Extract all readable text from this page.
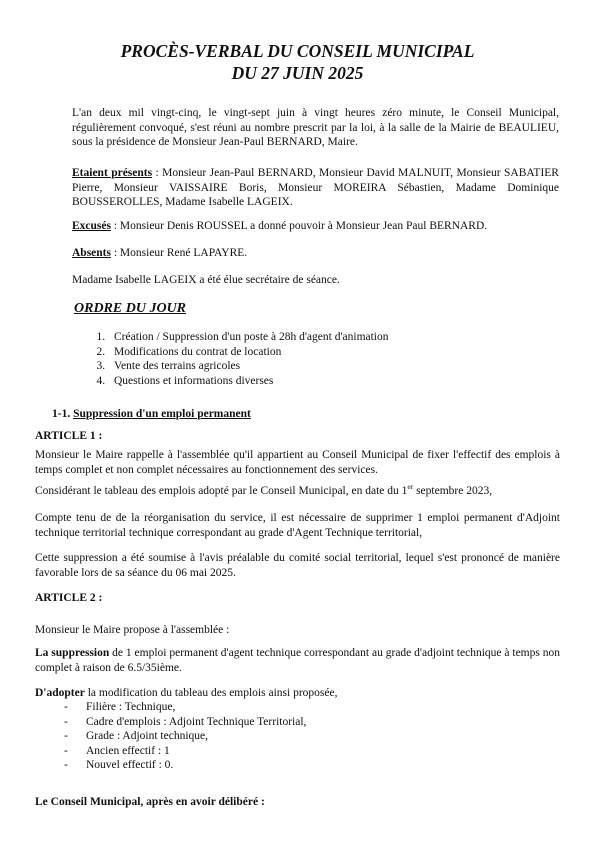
PROCÈS-VERBAL DU CONSEIL MUNICIPAL
DU 27 JUIN 2025

L'an deux mil vingt-cinq, le vingt-sept juin à vingt heures zéro minute, le Conseil Municipal, régulièrement convoqué, s'est réuni au nombre prescrit par la loi, à la salle de la Mairie de BEAULIEU, sous la présidence de Monsieur Jean-Paul BERNARD, Maire.

Etaient présents : Monsieur Jean-Paul BERNARD, Monsieur David MALNUIT, Monsieur SABATIER Pierre, Monsieur VAISSAIRE Boris, Monsieur MOREIRA Sébastien, Madame Dominique BOUSSEROLLES, Madame Isabelle LAGEIX.

Excusés : Monsieur Denis ROUSSEL a donné pouvoir à Monsieur Jean Paul BERNARD.

Absents : Monsieur René LAPAYRE.

Madame Isabelle LAGEIX a été élue secrétaire de séance.

ORDRE DU JOUR
1. Création / Suppression d'un poste à 28h d'agent d'animation
2. Modifications du contrat de location
3. Vente des terrains agricoles
4. Questions et informations diverses
1-1. Suppression d'un emploi permanent
ARTICLE 1 :

Monsieur le Maire rappelle à l'assemblée qu'il appartient au Conseil Municipal de fixer l'effectif des emplois à temps complet et non complet nécessaires au fonctionnement des services.

Considérant le tableau des emplois adopté par le Conseil Municipal, en date du 1er septembre 2023,

Compte tenu de de la réorganisation du service, il est nécessaire de supprimer 1 emploi permanent d'Adjoint technique territorial technique correspondant au grade d'Agent Technique territorial,

Cette suppression a été soumise à l'avis préalable du comité social territorial, lequel s'est prononcé de manière favorable lors de sa séance du 06 mai 2025.

ARTICLE 2 :

Monsieur le Maire propose à l'assemblée :

La suppression de 1 emploi permanent d'agent technique correspondant au grade d'adjoint technique à temps non complet à raison de 6.5/35ième.

D'adopter la modification du tableau des emplois ainsi proposée,

- Filière : Technique,
- Cadre d'emplois : Adjoint Technique Territorial,
- Grade : Adjoint technique,
- Ancien effectif : 1
- Nouvel effectif : 0.

Le Conseil Municipal, après en avoir délibéré :
